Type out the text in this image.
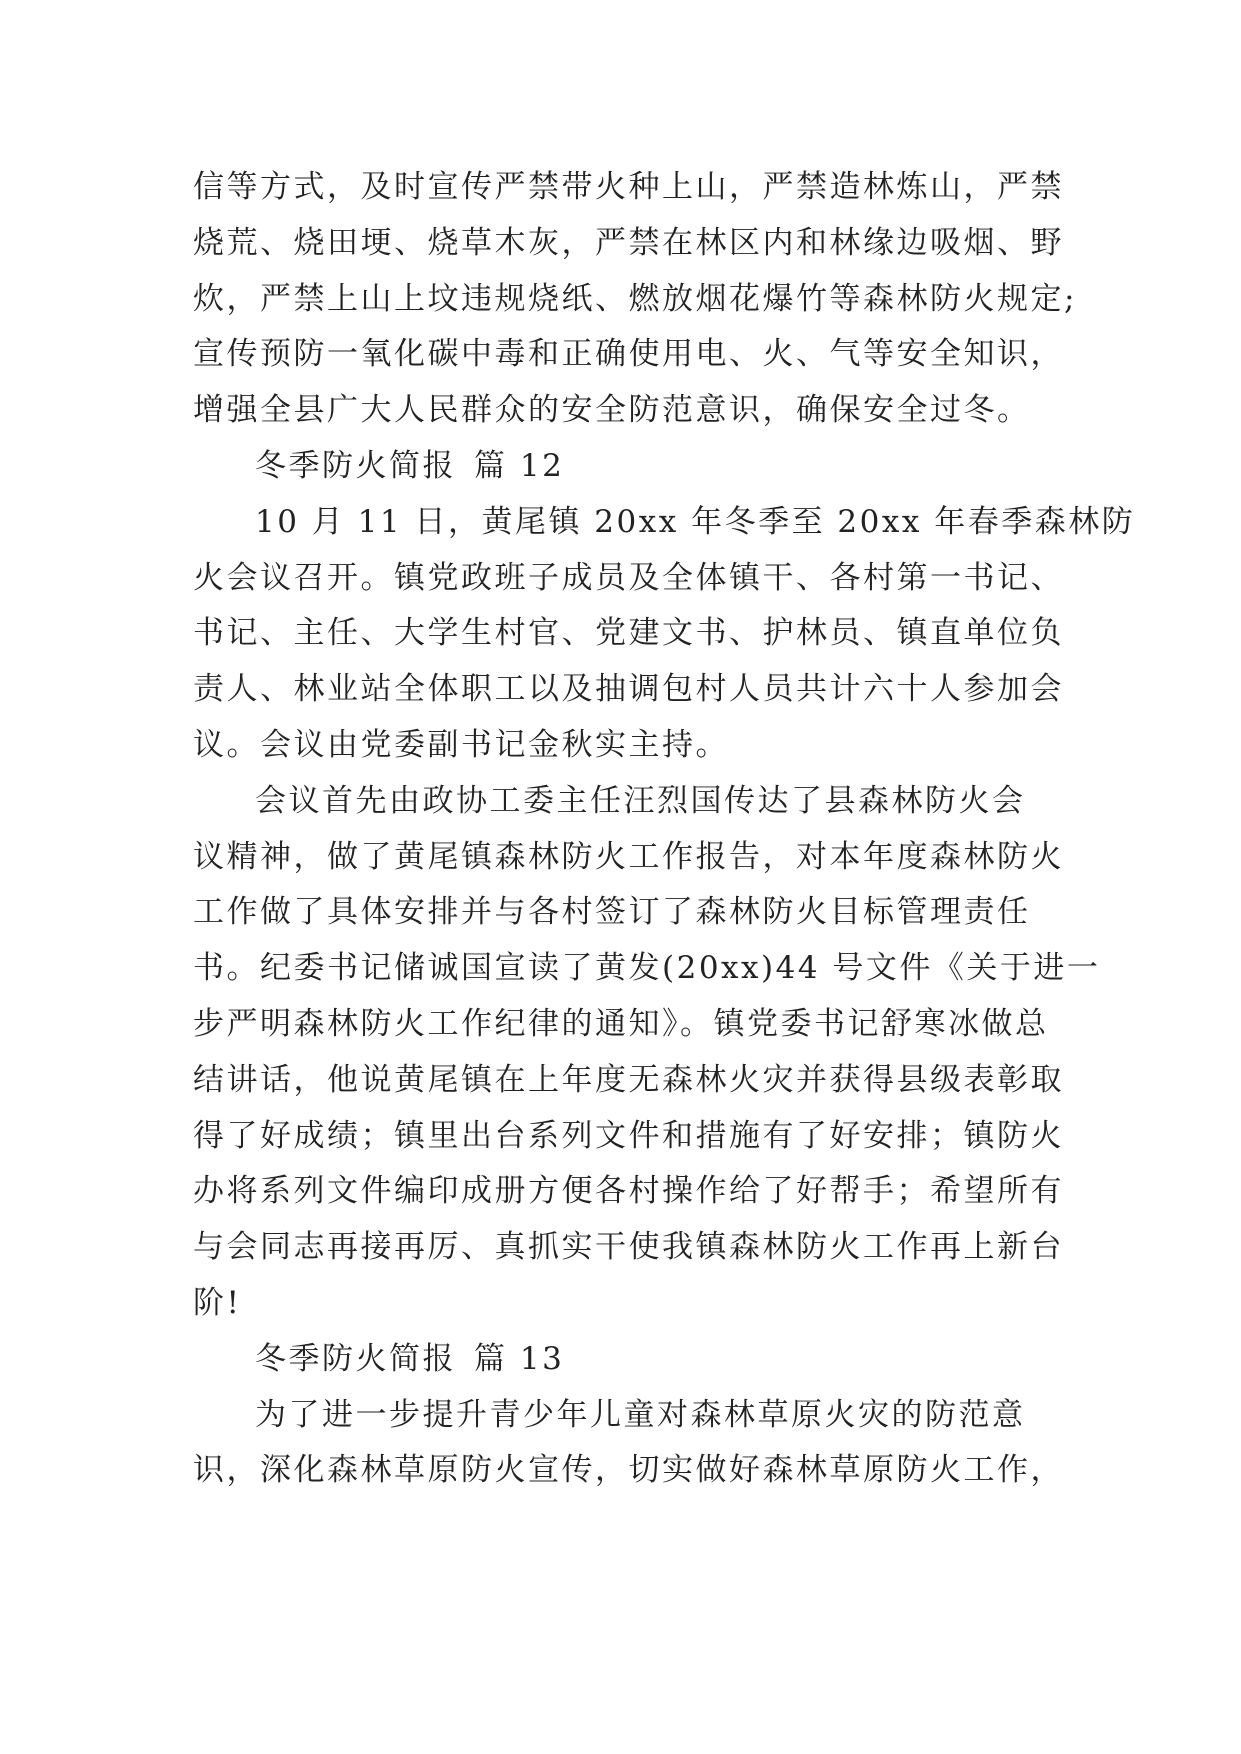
信等方式，及时宣传严禁带火种上山，严禁造林炼山，严禁
烧荒、烧田埂、烧草木灰，严禁在林区内和林缘边吸烟、野
炊，严禁上山上坟违规烧纸、燃放烟花爆竹等森林防火规定;
宣传预防一氧化碳中毒和正确使用电、火、气等安全知识，
增强全县广大人民群众的安全防范意识，确保安全过冬。
冬季防火简报 篇 12
10 月 11 日，黄尾镇 20xx 年冬季至 20xx 年春季森林防
火会议召开。镇党政班子成员及全体镇干、各村第一书记、
书记、主任、大学生村官、党建文书、护林员、镇直单位负
责人、林业站全体职工以及抽调包村人员共计六十人参加会
议。会议由党委副书记金秋实主持。
会议首先由政协工委主任汪烈国传达了县森林防火会
议精神，做了黄尾镇森林防火工作报告，对本年度森林防火
工作做了具体安排并与各村签订了森林防火目标管理责任
书。纪委书记储诚国宣读了黄发(20xx)44 号文件《关于进一
步严明森林防火工作纪律的通知》。镇党委书记舒寒冰做总
结讲话，他说黄尾镇在上年度无森林火灾并获得县级表彰取
得了好成绩；镇里出台系列文件和措施有了好安排；镇防火
办将系列文件编印成册方便各村操作给了好帮手；希望所有
与会同志再接再厉、真抓实干使我镇森林防火工作再上新台
阶!
冬季防火简报 篇 13
为了进一步提升青少年儿童对森林草原火灾的防范意
识，深化森林草原防火宣传，切实做好森林草原防火工作，
